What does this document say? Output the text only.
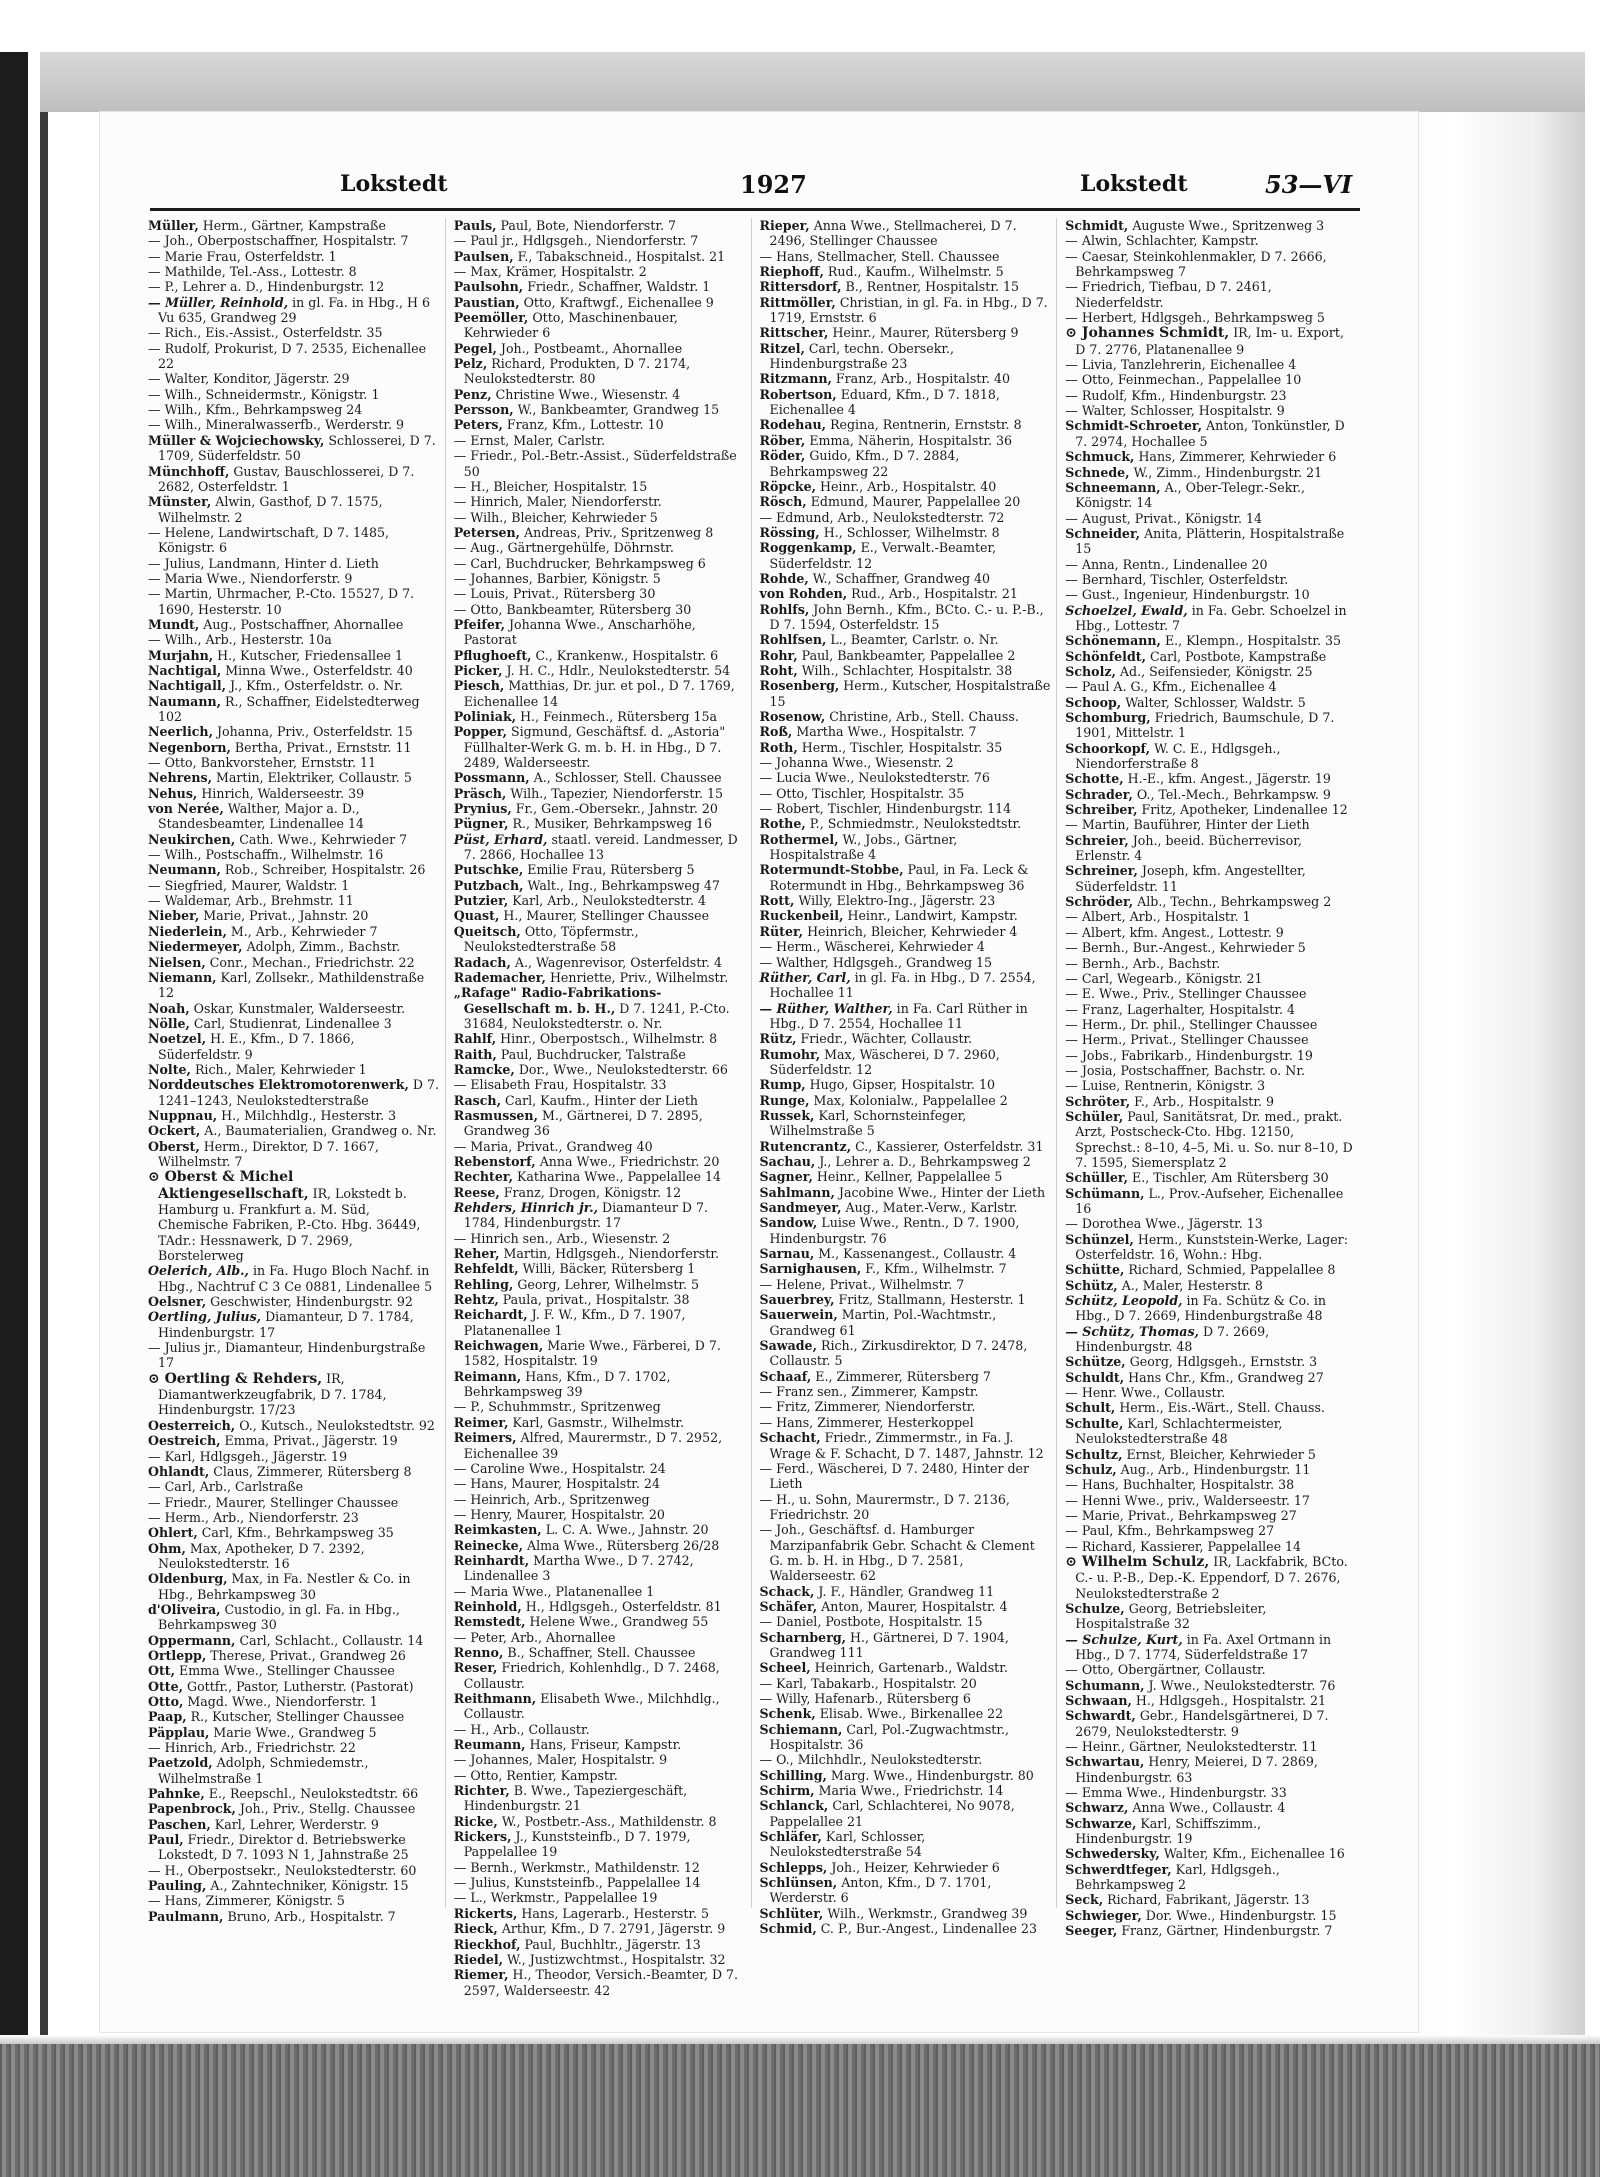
Lokstedt	1927	Lokstedt	53—VI

Müller, Herm., Gärtner, Kampstraße

— Joh., Oberpostschaffner, Hospitalstr. 7

— Marie Frau, Osterfeldstr. 1

— Mathilde, Tel.-Ass., Lottestr. 8

— P., Lehrer a. D., Hindenburgstr. 12

— Müller, Reinhold, in gl. Fa. in Hbg., H 6 Vu 635, Grandweg 29

— Rich., Eis.-Assist., Osterfeldstr. 35

— Rudolf, Prokurist, D 7. 2535, Eichenallee 22

— Walter, Konditor, Jägerstr. 29

— Wilh., Schneidermstr., Königstr. 1

— Wilh., Kfm., Behrkampsweg 24

— Wilh., Mineralwasserfb., Werderstr. 9

Müller & Wojciechowsky, Schlosserei, D 7. 1709, Süderfeldstr. 50

Münchhoff, Gustav, Bauschlosserei, D 7. 2682, Osterfeldstr. 1

Münster, Alwin, Gasthof, D 7. 1575, Wilhelmstr. 2

— Helene, Landwirtschaft, D 7. 1485, Königstr. 6

— Julius, Landmann, Hinter d. Lieth

— Maria Wwe., Niendorferstr. 9

— Martin, Uhrmacher, P.-Cto. 15527, D 7. 1690, Hesterstr. 10

Mundt, Aug., Postschaffner, Ahornallee

— Wilh., Arb., Hesterstr. 10a

Murjahn, H., Kutscher, Friedensallee 1

Nachtigal, Minna Wwe., Osterfeldstr. 40

Nachtigall, J., Kfm., Osterfeldstr. o. Nr.

Naumann, R., Schaffner, Eidelstedterweg 102

Neerlich, Johanna, Priv., Osterfeldstr. 15

Negenborn, Bertha, Privat., Ernststr. 11

— Otto, Bankvorsteher, Ernststr. 11

Nehrens, Martin, Elektriker, Collaustr. 5

Nehus, Hinrich, Walderseestr. 39

von Nerée, Walther, Major a. D., Standesbeamter, Lindenallee 14

Neukirchen, Cath. Wwe., Kehrwieder 7

— Wilh., Postschaffn., Wilhelmstr. 16

Neumann, Rob., Schreiber, Hospitalstr. 26

— Siegfried, Maurer, Waldstr. 1

— Waldemar, Arb., Brehmstr. 11

Nieber, Marie, Privat., Jahnstr. 20

Niederlein, M., Arb., Kehrwieder 7

Niedermeyer, Adolph, Zimm., Bachstr.

Nielsen, Conr., Mechan., Friedrichstr. 22

Niemann, Karl, Zollsekr., Mathildenstraße 12

Noah, Oskar, Kunstmaler, Walderseestr.

Nölle, Carl, Studienrat, Lindenallee 3

Noetzel, H. E., Kfm., D 7. 1866, Süderfeldstr. 9

Nolte, Rich., Maler, Kehrwieder 1

Norddeutsches Elektromotorenwerk, D 7. 1241–1243, Neulokstedterstraße

Nuppnau, H., Milchhdlg., Hesterstr. 3

Ockert, A., Baumaterialien, Grandweg o. Nr.

Oberst, Herm., Direktor, D 7. 1667, Wilhelmstr. 7

⊙ Oberst & Michel Aktiengesellschaft, IR, Lokstedt b. Hamburg u. Frankfurt a. M. Süd, Chemische Fabriken, P.-Cto. Hbg. 36449, TAdr.: Hessnawerk, D 7. 2969, Borstelerweg

Oelerich, Alb., in Fa. Hugo Bloch Nachf. in Hbg., Nachtruf C 3 Ce 0881, Lindenallee 5

Oelsner, Geschwister, Hindenburgstr. 92

Oertling, Julius, Diamanteur, D 7. 1784, Hindenburgstr. 17

— Julius jr., Diamanteur, Hindenburgstraße 17

⊙ Oertling & Rehders, IR, Diamantwerkzeugfabrik, D 7. 1784, Hindenburgstr. 17/23

Oesterreich, O., Kutsch., Neulokstedtstr. 92

Oestreich, Emma, Privat., Jägerstr. 19

— Karl, Hdlgsgeh., Jägerstr. 19

Ohlandt, Claus, Zimmerer, Rütersberg 8

— Carl, Arb., Carlstraße

— Friedr., Maurer, Stellinger Chaussee

— Herm., Arb., Niendorferstr. 23

Ohlert, Carl, Kfm., Behrkampsweg 35

Ohm, Max, Apotheker, D 7. 2392, Neulokstedterstr. 16

Oldenburg, Max, in Fa. Nestler & Co. in Hbg., Behrkampsweg 30

d'Oliveira, Custodio, in gl. Fa. in Hbg., Behrkampsweg 30

Oppermann, Carl, Schlacht., Collaustr. 14

Ortlepp, Therese, Privat., Grandweg 26

Ott, Emma Wwe., Stellinger Chaussee

Otte, Gottfr., Pastor, Lutherstr. (Pastorat)

Otto, Magd. Wwe., Niendorferstr. 1

Paap, R., Kutscher, Stellinger Chaussee

Päpplau, Marie Wwe., Grandweg 5

— Hinrich, Arb., Friedrichstr. 22

Paetzold, Adolph, Schmiedemstr., Wilhelmstraße 1

Pahnke, E., Reepschl., Neulokstedtstr. 66

Papenbrock, Joh., Priv., Stellg. Chaussee

Paschen, Karl, Lehrer, Werderstr. 9

Paul, Friedr., Direktor d. Betriebswerke Lokstedt, D 7. 1093 N 1, Jahnstraße 25

— H., Oberpostsekr., Neulokstedterstr. 60

Pauling, A., Zahntechniker, Königstr. 15

— Hans, Zimmerer, Königstr. 5

Paulmann, Bruno, Arb., Hospitalstr. 7

Pauls, Paul, Bote, Niendorferstr. 7

— Paul jr., Hdlgsgeh., Niendorferstr. 7

Paulsen, F., Tabakschneid., Hospitalst. 21

— Max, Krämer, Hospitalstr. 2

Paulsohn, Friedr., Schaffner, Waldstr. 1

Paustian, Otto, Kraftwgf., Eichenallee 9

Peemöller, Otto, Maschinenbauer, Kehrwieder 6

Pegel, Joh., Postbeamt., Ahornallee

Pelz, Richard, Produkten, D 7. 2174, Neulokstedterstr. 80

Penz, Christine Wwe., Wiesenstr. 4

Persson, W., Bankbeamter, Grandweg 15

Peters, Franz, Kfm., Lottestr. 10

— Ernst, Maler, Carlstr.

— Friedr., Pol.-Betr.-Assist., Süderfeldstraße 50

— H., Bleicher, Hospitalstr. 15

— Hinrich, Maler, Niendorferstr.

— Wilh., Bleicher, Kehrwieder 5

Petersen, Andreas, Priv., Spritzenweg 8

— Aug., Gärtnergehülfe, Döhrnstr.

— Carl, Buchdrucker, Behrkampsweg 6

— Johannes, Barbier, Königstr. 5

— Louis, Privat., Rütersberg 30

— Otto, Bankbeamter, Rütersberg 30

Pfeifer, Johanna Wwe., Anscharhöhe, Pastorat

Pflughoeft, C., Krankenw., Hospitalstr. 6

Picker, J. H. C., Hdlr., Neulokstedterstr. 54

Piesch, Matthias, Dr. jur. et pol., D 7. 1769, Eichenallee 14

Poliniak, H., Feinmech., Rütersberg 15a

Popper, Sigmund, Geschäftsf. d. „Astoria" Füllhalter-Werk G. m. b. H. in Hbg., D 7. 2489, Walderseestr.

Possmann, A., Schlosser, Stell. Chaussee

Präsch, Wilh., Tapezier, Niendorferstr. 15

Prynius, Fr., Gem.-Obersekr., Jahnstr. 20

Pügner, R., Musiker, Behrkampsweg 16

Püst, Erhard, staatl. vereid. Landmesser, D 7. 2866, Hochallee 13

Putschke, Emilie Frau, Rütersberg 5

Putzbach, Walt., Ing., Behrkampsweg 47

Putzier, Karl, Arb., Neulokstedterstr. 4

Quast, H., Maurer, Stellinger Chaussee

Queitsch, Otto, Töpfermstr., Neulokstedterstraße 58

Radach, A., Wagenrevisor, Osterfeldstr. 4

Rademacher, Henriette, Priv., Wilhelmstr.

„Rafage" Radio-Fabrikations-Gesellschaft m. b. H., D 7. 1241, P.-Cto. 31684, Neulokstedterstr. o. Nr.

Rahlf, Hinr., Oberpostsch., Wilhelmstr. 8

Raith, Paul, Buchdrucker, Talstraße

Ramcke, Dor., Wwe., Neulokstedterstr. 66

— Elisabeth Frau, Hospitalstr. 33

Rasch, Carl, Kaufm., Hinter der Lieth

Rasmussen, M., Gärtnerei, D 7. 2895, Grandweg 36

— Maria, Privat., Grandweg 40

Rebenstorf, Anna Wwe., Friedrichstr. 20

Rechter, Katharina Wwe., Pappelallee 14

Reese, Franz, Drogen, Königstr. 12

Rehders, Hinrich jr., Diamanteur D 7. 1784, Hindenburgstr. 17

— Hinrich sen., Arb., Wiesenstr. 2

Reher, Martin, Hdlgsgeh., Niendorferstr.

Rehfeldt, Willi, Bäcker, Rütersberg 1

Rehling, Georg, Lehrer, Wilhelmstr. 5

Rehtz, Paula, privat., Hospitalstr. 38

Reichardt, J. F. W., Kfm., D 7. 1907, Platanenallee 1

Reichwagen, Marie Wwe., Färberei, D 7. 1582, Hospitalstr. 19

Reimann, Hans, Kfm., D 7. 1702, Behrkampsweg 39

— P., Schuhmmstr., Spritzenweg

Reimer, Karl, Gasmstr., Wilhelmstr.

Reimers, Alfred, Maurermstr., D 7. 2952, Eichenallee 39

— Caroline Wwe., Hospitalstr. 24

— Hans, Maurer, Hospitalstr. 24

— Heinrich, Arb., Spritzenweg

— Henry, Maurer, Hospitalstr. 20

Reimkasten, L. C. A. Wwe., Jahnstr. 20

Reinecke, Alma Wwe., Rütersberg 26/28

Reinhardt, Martha Wwe., D 7. 2742, Lindenallee 3

— Maria Wwe., Platanenallee 1

Reinhold, H., Hdlgsgeh., Osterfeldstr. 81

Remstedt, Helene Wwe., Grandweg 55

— Peter, Arb., Ahornallee

Renno, B., Schaffner, Stell. Chaussee

Reser, Friedrich, Kohlenhdlg., D 7. 2468, Collaustr.

Reithmann, Elisabeth Wwe., Milchhdlg., Collaustr.

— H., Arb., Collaustr.

Reumann, Hans, Friseur, Kampstr.

— Johannes, Maler, Hospitalstr. 9

— Otto, Rentier, Kampstr.

Richter, B. Wwe., Tapeziergeschäft, Hindenburgstr. 21

Ricke, W., Postbetr.-Ass., Mathildenstr. 8

Rickers, J., Kunststeinfb., D 7. 1979, Pappelallee 19

— Bernh., Werkmstr., Mathildenstr. 12

— Julius, Kunststeinfb., Pappelallee 14

— L., Werkmstr., Pappelallee 19

Rickerts, Hans, Lagerarb., Hesterstr. 5

Rieck, Arthur, Kfm., D 7. 2791, Jägerstr. 9

Rieckhof, Paul, Buchhltr., Jägerstr. 13

Riedel, W., Justizwchtmst., Hospitalstr. 32

Riemer, H., Theodor, Versich.-Beamter, D 7. 2597, Walderseestr. 42

Rieper, Anna Wwe., Stellmacherei, D 7. 2496, Stellinger Chaussee

— Hans, Stellmacher, Stell. Chaussee

Riephoff, Rud., Kaufm., Wilhelmstr. 5

Rittersdorf, B., Rentner, Hospitalstr. 15

Rittmöller, Christian, in gl. Fa. in Hbg., D 7. 1719, Ernststr. 6

Rittscher, Heinr., Maurer, Rütersberg 9

Ritzel, Carl, techn. Obersekr., Hindenburgstraße 23

Ritzmann, Franz, Arb., Hospitalstr. 40

Robertson, Eduard, Kfm., D 7. 1818, Eichenallee 4

Rodehau, Regina, Rentnerin, Ernststr. 8

Röber, Emma, Näherin, Hospitalstr. 36

Röder, Guido, Kfm., D 7. 2884, Behrkampsweg 22

Röpcke, Heinr., Arb., Hospitalstr. 40

Rösch, Edmund, Maurer, Pappelallee 20

— Edmund, Arb., Neulokstedterstr. 72

Rössing, H., Schlosser, Wilhelmstr. 8

Roggenkamp, E., Verwalt.-Beamter, Süderfeldstr. 12

Rohde, W., Schaffner, Grandweg 40

von Rohden, Rud., Arb., Hospitalstr. 21

Rohlfs, John Bernh., Kfm., BCto. C.- u. P.-B., D 7. 1594, Osterfeldstr. 15

Rohlfsen, L., Beamter, Carlstr. o. Nr.

Rohr, Paul, Bankbeamter, Pappelallee 2

Roht, Wilh., Schlachter, Hospitalstr. 38

Rosenberg, Herm., Kutscher, Hospitalstraße 15

Rosenow, Christine, Arb., Stell. Chauss.

Roß, Martha Wwe., Hospitalstr. 7

Roth, Herm., Tischler, Hospitalstr. 35

— Johanna Wwe., Wiesenstr. 2

— Lucia Wwe., Neulokstedterstr. 76

— Otto, Tischler, Hospitalstr. 35

— Robert, Tischler, Hindenburgstr. 114

Rothe, P., Schmiedmstr., Neulokstedtstr.

Rothermel, W., Jobs., Gärtner, Hospitalstraße 4

Rotermundt-Stobbe, Paul, in Fa. Leck & Rotermundt in Hbg., Behrkampsweg 36

Rott, Willy, Elektro-Ing., Jägerstr. 23

Ruckenbeil, Heinr., Landwirt, Kampstr.

Rüter, Heinrich, Bleicher, Kehrwieder 4

— Herm., Wäscherei, Kehrwieder 4

— Walther, Hdlgsgeh., Grandweg 15

Rüther, Carl, in gl. Fa. in Hbg., D 7. 2554, Hochallee 11

— Rüther, Walther, in Fa. Carl Rüther in Hbg., D 7. 2554, Hochallee 11

Rütz, Friedr., Wächter, Collaustr.

Rumohr, Max, Wäscherei, D 7. 2960, Süderfeldstr. 12

Rump, Hugo, Gipser, Hospitalstr. 10

Runge, Max, Kolonialw., Pappelallee 2

Russek, Karl, Schornsteinfeger, Wilhelmstraße 5

Rutencrantz, C., Kassierer, Osterfeldstr. 31

Sachau, J., Lehrer a. D., Behrkampsweg 2

Sagner, Heinr., Kellner, Pappelallee 5

Sahlmann, Jacobine Wwe., Hinter der Lieth

Sandmeyer, Aug., Mater.-Verw., Karlstr.

Sandow, Luise Wwe., Rentn., D 7. 1900, Hindenburgstr. 76

Sarnau, M., Kassenangest., Collaustr. 4

Sarnighausen, F., Kfm., Wilhelmstr. 7

— Helene, Privat., Wilhelmstr. 7

Sauerbrey, Fritz, Stallmann, Hesterstr. 1

Sauerwein, Martin, Pol.-Wachtmstr., Grandweg 61

Sawade, Rich., Zirkusdirektor, D 7. 2478, Collaustr. 5

Schaaf, E., Zimmerer, Rütersberg 7

— Franz sen., Zimmerer, Kampstr.

— Fritz, Zimmerer, Niendorferstr.

— Hans, Zimmerer, Hesterkoppel

Schacht, Friedr., Zimmermstr., in Fa. J. Wrage & F. Schacht, D 7. 1487, Jahnstr. 12

— Ferd., Wäscherei, D 7. 2480, Hinter der Lieth

— H., u. Sohn, Maurermstr., D 7. 2136, Friedrichstr. 20

— Joh., Geschäftsf. d. Hamburger Marzipanfabrik Gebr. Schacht & Clement G. m. b. H. in Hbg., D 7. 2581, Walderseestr. 62

Schack, J. F., Händler, Grandweg 11

Schäfer, Anton, Maurer, Hospitalstr. 4

— Daniel, Postbote, Hospitalstr. 15

Scharnberg, H., Gärtnerei, D 7. 1904, Grandweg 111

Scheel, Heinrich, Gartenarb., Waldstr.

— Karl, Tabakarb., Hospitalstr. 20

— Willy, Hafenarb., Rütersberg 6

Schenk, Elisab. Wwe., Birkenallee 22

Schiemann, Carl, Pol.-Zugwachtmstr., Hospitalstr. 36

— O., Milchhdlr., Neulokstedterstr.

Schilling, Marg. Wwe., Hindenburgstr. 80

Schirm, Maria Wwe., Friedrichstr. 14

Schlanck, Carl, Schlachterei, No 9078, Pappelallee 21

Schläfer, Karl, Schlosser, Neulokstedterstraße 54

Schlepps, Joh., Heizer, Kehrwieder 6

Schlünsen, Anton, Kfm., D 7. 1701, Werderstr. 6

Schlüter, Wilh., Werkmstr., Grandweg 39

Schmid, C. P., Bur.-Angest., Lindenallee 23

Schmidt, Auguste Wwe., Spritzenweg 3

— Alwin, Schlachter, Kampstr.

— Caesar, Steinkohlenmakler, D 7. 2666, Behrkampsweg 7

— Friedrich, Tiefbau, D 7. 2461, Niederfeldstr.

— Herbert, Hdlgsgeh., Behrkampsweg 5

⊙ Johannes Schmidt, IR, Im- u. Export, D 7. 2776, Platanenallee 9

— Livia, Tanzlehrerin, Eichenallee 4

— Otto, Feinmechan., Pappelallee 10

— Rudolf, Kfm., Hindenburgstr. 23

— Walter, Schlosser, Hospitalstr. 9

Schmidt-Schroeter, Anton, Tonkünstler, D 7. 2974, Hochallee 5

Schmuck, Hans, Zimmerer, Kehrwieder 6

Schnede, W., Zimm., Hindenburgstr. 21

Schneemann, A., Ober-Telegr.-Sekr., Königstr. 14

— August, Privat., Königstr. 14

Schneider, Anita, Plätterin, Hospitalstraße 15

— Anna, Rentn., Lindenallee 20

— Bernhard, Tischler, Osterfeldstr.

— Gust., Ingenieur, Hindenburgstr. 10

Schoelzel, Ewald, in Fa. Gebr. Schoelzel in Hbg., Lottestr. 7

Schönemann, E., Klempn., Hospitalstr. 35

Schönfeldt, Carl, Postbote, Kampstraße

Scholz, Ad., Seifensieder, Königstr. 25

— Paul A. G., Kfm., Eichenallee 4

Schoop, Walter, Schlosser, Waldstr. 5

Schomburg, Friedrich, Baumschule, D 7. 1901, Mittelstr. 1

Schoorkopf, W. C. E., Hdlgsgeh., Niendorferstraße 8

Schotte, H.-E., kfm. Angest., Jägerstr. 19

Schrader, O., Tel.-Mech., Behrkampsw. 9

Schreiber, Fritz, Apotheker, Lindenallee 12

— Martin, Bauführer, Hinter der Lieth

Schreier, Joh., beeid. Bücherrevisor, Erlenstr. 4

Schreiner, Joseph, kfm. Angestellter, Süderfeldstr. 11

Schröder, Alb., Techn., Behrkampsweg 2

— Albert, Arb., Hospitalstr. 1

— Albert, kfm. Angest., Lottestr. 9

— Bernh., Bur.-Angest., Kehrwieder 5

— Bernh., Arb., Bachstr.

— Carl, Wegearb., Königstr. 21

— E. Wwe., Priv., Stellinger Chaussee

— Franz, Lagerhalter, Hospitalstr. 4

— Herm., Dr. phil., Stellinger Chaussee

— Herm., Privat., Stellinger Chaussee

— Jobs., Fabrikarb., Hindenburgstr. 19

— Josia, Postschaffner, Bachstr. o. Nr.

— Luise, Rentnerin, Königstr. 3

Schröter, F., Arb., Hospitalstr. 9

Schüler, Paul, Sanitätsrat, Dr. med., prakt. Arzt, Postscheck-Cto. Hbg. 12150, Sprechst.: 8–10, 4–5, Mi. u. So. nur 8–10, D 7. 1595, Siemersplatz 2

Schüller, E., Tischler, Am Rütersberg 30

Schümann, L., Prov.-Aufseher, Eichenallee 16

— Dorothea Wwe., Jägerstr. 13

Schünzel, Herm., Kunststein-Werke, Lager: Osterfeldstr. 16, Wohn.: Hbg.

Schütte, Richard, Schmied, Pappelallee 8

Schütz, A., Maler, Hesterstr. 8

Schütz, Leopold, in Fa. Schütz & Co. in Hbg., D 7. 2669, Hindenburgstraße 48

— Schütz, Thomas, D 7. 2669, Hindenburgstr. 48

Schütze, Georg, Hdlgsgeh., Ernststr. 3

Schuldt, Hans Chr., Kfm., Grandweg 27

— Henr. Wwe., Collaustr.

Schult, Herm., Eis.-Wärt., Stell. Chauss.

Schulte, Karl, Schlachtermeister, Neulokstedterstraße 48

Schultz, Ernst, Bleicher, Kehrwieder 5

Schulz, Aug., Arb., Hindenburgstr. 11

— Hans, Buchhalter, Hospitalstr. 38

— Henni Wwe., priv., Walderseestr. 17

— Marie, Privat., Behrkampsweg 27

— Paul, Kfm., Behrkampsweg 27

— Richard, Kassierer, Pappelallee 14

⊙ Wilhelm Schulz, IR, Lackfabrik, BCto. C.- u. P.-B., Dep.-K. Eppendorf, D 7. 2676, Neulokstedterstraße 2

Schulze, Georg, Betriebsleiter, Hospitalstraße 32

— Schulze, Kurt, in Fa. Axel Ortmann in Hbg., D 7. 1774, Süderfeldstraße 17

— Otto, Obergärtner, Collaustr.

Schumann, J. Wwe., Neulokstedterstr. 76

Schwaan, H., Hdlgsgeh., Hospitalstr. 21

Schwardt, Gebr., Handelsgärtnerei, D 7. 2679, Neulokstedterstr. 9

— Heinr., Gärtner, Neulokstedterstr. 11

Schwartau, Henry, Meierei, D 7. 2869, Hindenburgstr. 63

— Emma Wwe., Hindenburgstr. 33

Schwarz, Anna Wwe., Collaustr. 4

Schwarze, Karl, Schiffszimm., Hindenburgstr. 19

Schwedersky, Walter, Kfm., Eichenallee 16

Schwerdtfeger, Karl, Hdlgsgeh., Behrkampsweg 2

Seck, Richard, Fabrikant, Jägerstr. 13

Schwieger, Dor. Wwe., Hindenburgstr. 15

Seeger, Franz, Gärtner, Hindenburgstr. 7
